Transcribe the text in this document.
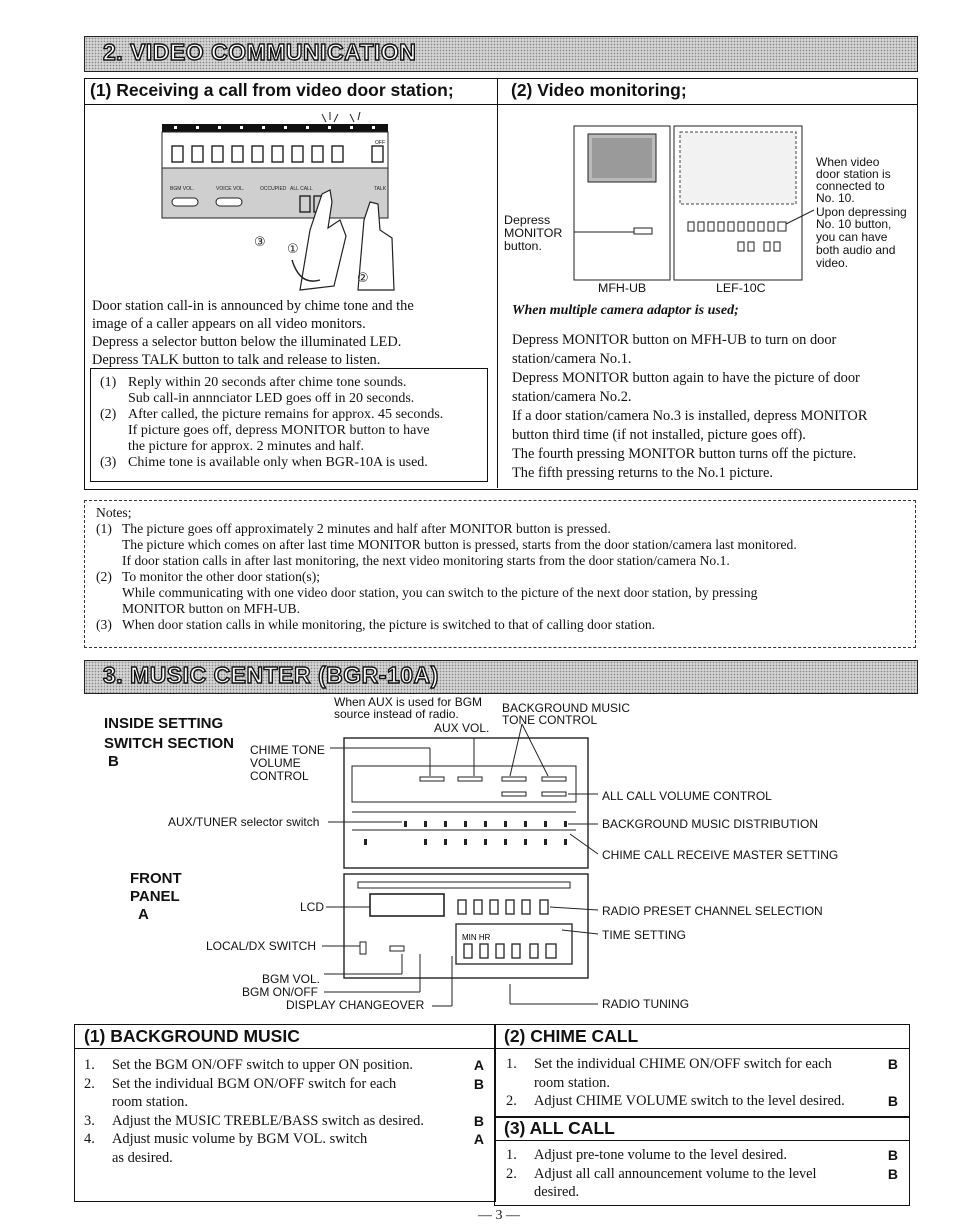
2. VIDEO COMMUNICATION
(1) Receiving a call from video door station;	(2) Video monitoring;
OFF
BGM VOL.	VOICE VOL.	OCCUPIED ALL CALL	TALK
①
②
③
Door station call-in is announced by chime tone and the
image of a caller appears on all video monitors.
Depress a selector button below the illuminated LED.
Depress TALK button to talk and release to listen.
(1) Reply within 20 seconds after chime tone sounds.
Sub call-in annnciator LED goes off in 20 seconds.
(2) After called, the picture remains for approx. 45 seconds.
If picture goes off, depress MONITOR button to have
the picture for approx. 2 minutes and half.
(3) Chime tone is available only when BGR-10A is used.
Depress
MONITOR
button.
MFH-UB	LEF-10C
When video
door station is
connected to
No. 10.
Upon depressing
No. 10 button,
you can have
both audio and
video.
When multiple camera adaptor is used;
Depress MONITOR button on MFH-UB to turn on door
station/camera No.1.
Depress MONITOR button again to have the picture of door
station/camera No.2.
If a door station/camera No.3 is installed, depress MONITOR
button third time (if not installed, picture goes off).
The fourth pressing MONITOR button turns off the picture.
The fifth pressing returns to the No.1 picture.
Notes;
(1) The picture goes off approximately 2 minutes and half after MONITOR button is pressed.
The picture which comes on after last time MONITOR button is pressed, starts from the door station/camera last monitored.
If door station calls in after last monitoring, the next video monitoring starts from the door station/camera No.1.
(2) To monitor the other door station(s);
While communicating with one video door station, you can switch to the picture of the next door station, by pressing
MONITOR button on MFH-UB.
(3) When door station calls in while monitoring, the picture is switched to that of calling door station.
3. MUSIC CENTER (BGR-10A)
MIN HR
INSIDE SETTING
SWITCH SECTION
B
FRONT
PANEL
A
When AUX is used for BGM
source instead of radio.
AUX VOL.
BACKGROUND MUSIC
TONE CONTROL
CHIME TONE
VOLUME
CONTROL
AUX/TUNER selector switch
LCD
LOCAL/DX SWITCH
BGM VOL.
BGM ON/OFF
DISPLAY CHANGEOVER
ALL CALL VOLUME CONTROL
BACKGROUND MUSIC DISTRIBUTION
CHIME CALL RECEIVE MASTER SETTING
RADIO PRESET CHANNEL SELECTION
TIME SETTING
RADIO TUNING
(1) BACKGROUND MUSIC	(2) CHIME CALL
(3) ALL CALL
1. Set the BGM ON/OFF switch to upper ON position.	A
2. Set the individual BGM ON/OFF switch for each
room station.
B
3. Adjust the MUSIC TREBLE/BASS switch as desired.	B
4. Adjust music volume by BGM VOL. switch
as desired.
A
1. Set the individual CHIME ON/OFF switch for each
room station.
B
2. Adjust CHIME VOLUME switch to the level desired.	B
1. Adjust pre-tone volume to the level desired.	B
2. Adjust all call announcement volume to the level
desired.
B
— 3 —
